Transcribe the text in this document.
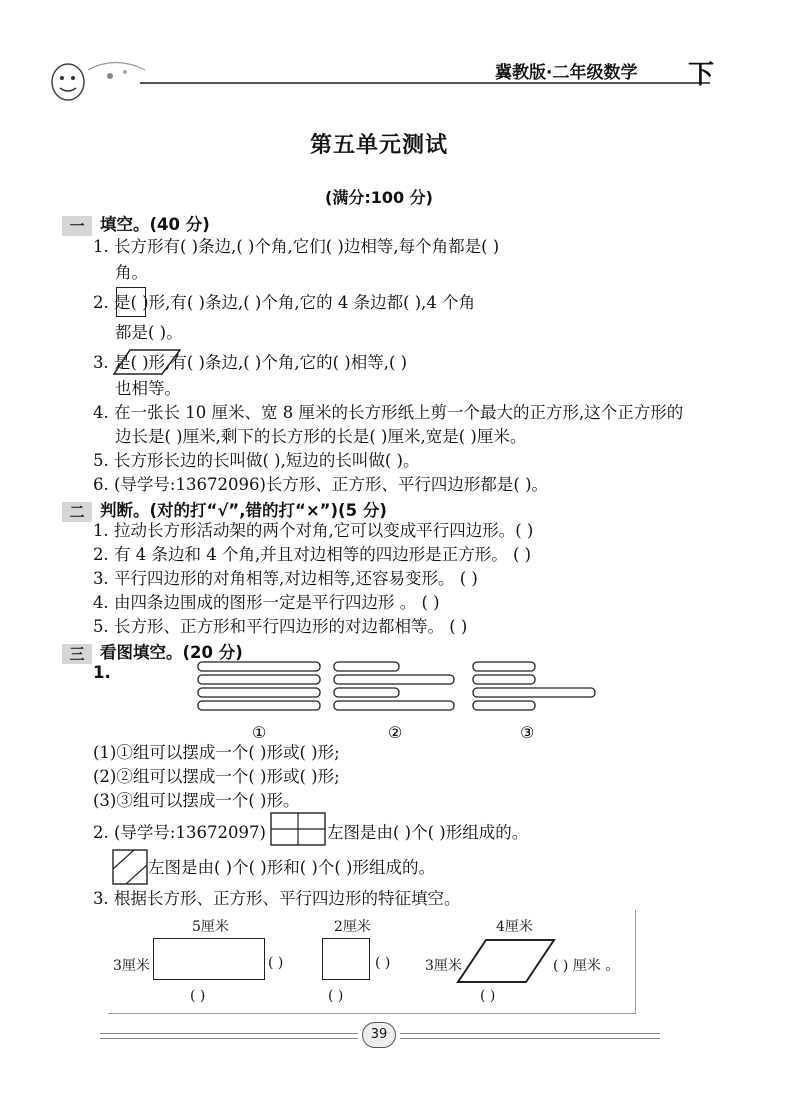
冀教版·二年级数学 下
第五单元测试
(满分:100 分)
一 填空。(40 分)
1. 长方形有( )条边,( )个角,它们( )边相等,每个角都是( )
角。
2. 是( )形,有( )条边,( )个角,它的 4 条边都( ),4 个角
都是( )。
3. 是( )形,有( )条边,( )个角,它的( )相等,( )
也相等。
4. 在一张长 10 厘米、宽 8 厘米的长方形纸上剪一个最大的正方形,这个正方形的
边长是( )厘米,剩下的长方形的长是( )厘米,宽是( )厘米。
5. 长方形长边的长叫做( ),短边的长叫做( )。
6. (导学号:13672096)长方形、正方形、平行四边形都是( )。
二 判断。(对的打“√”,错的打“×”)(5 分)
1. 拉动长方形活动架的两个对角,它可以变成平行四边形。( )
2. 有 4 条边和 4 个角,并且对边相等的四边形是正方形。 ( )
3. 平行四边形的对角相等,对边相等,还容易变形。 ( )
4. 由四条边围成的图形一定是平行四边形 。 ( )
5. 长方形、正方形和平行四边形的对边都相等。 ( )
三 看图填空。(20 分)
1.
①	②	③
(1)①组可以摆成一个( )形或( )形;
(2)②组可以摆成一个( )形或( )形;
(3)③组可以摆成一个( )形。
2. (导学号:13672097)	左图是由( )个( )形组成的。
左图是由( )个( )形和( )个( )形组成的。
3. 根据长方形、正方形、平行四边形的特征填空。
5厘米
3厘米	( )
( )
2厘米
( )
( )
4厘米
3厘米	( ) 厘米 。
( )
39
